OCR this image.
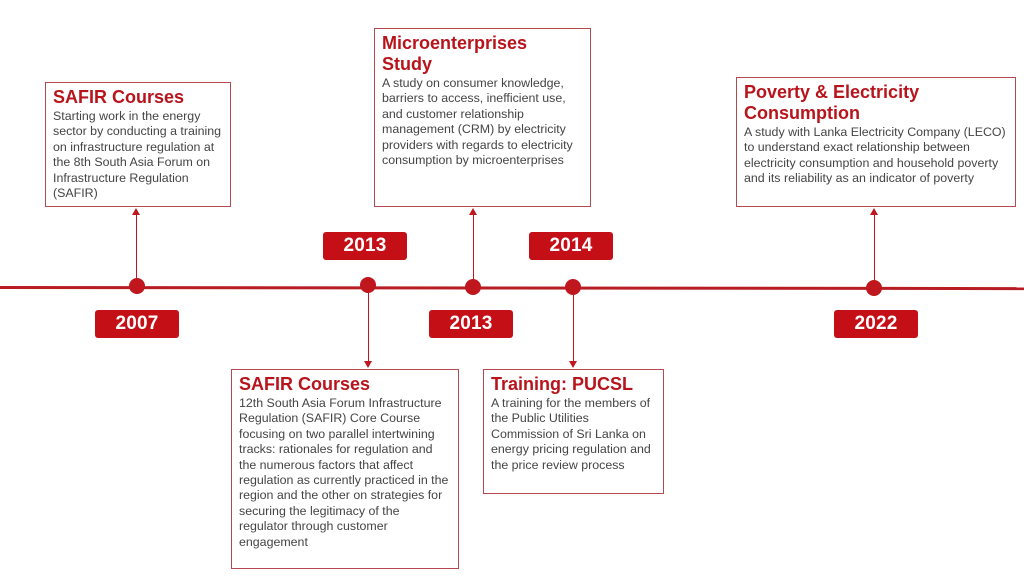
SAFIR Courses
Starting work in the energy sector by conducting a training on infrastructure regulation at the 8th South Asia Forum on Infrastructure Regulation (SAFIR)
2007
2013
SAFIR Courses
12th South Asia Forum Infrastructure Regulation (SAFIR) Core Course focusing on two parallel intertwining tracks: rationales for regulation and the numerous factors that affect regulation as currently practiced in the region and the other on strategies for securing the legitimacy of the regulator through customer engagement
Microenterprises Study
A study on consumer knowledge, barriers to access, inefficient use, and customer relationship management (CRM) by electricity providers with regards to electricity consumption by microenterprises
2013
2014
Training: PUCSL
A training for the members of the Public Utilities Commission of Sri Lanka on energy pricing regulation and the price review process
Poverty & Electricity Consumption
A study with Lanka Electricity Company (LECO) to understand exact relationship between electricity consumption and household poverty and its reliability as an indicator of poverty
2022
